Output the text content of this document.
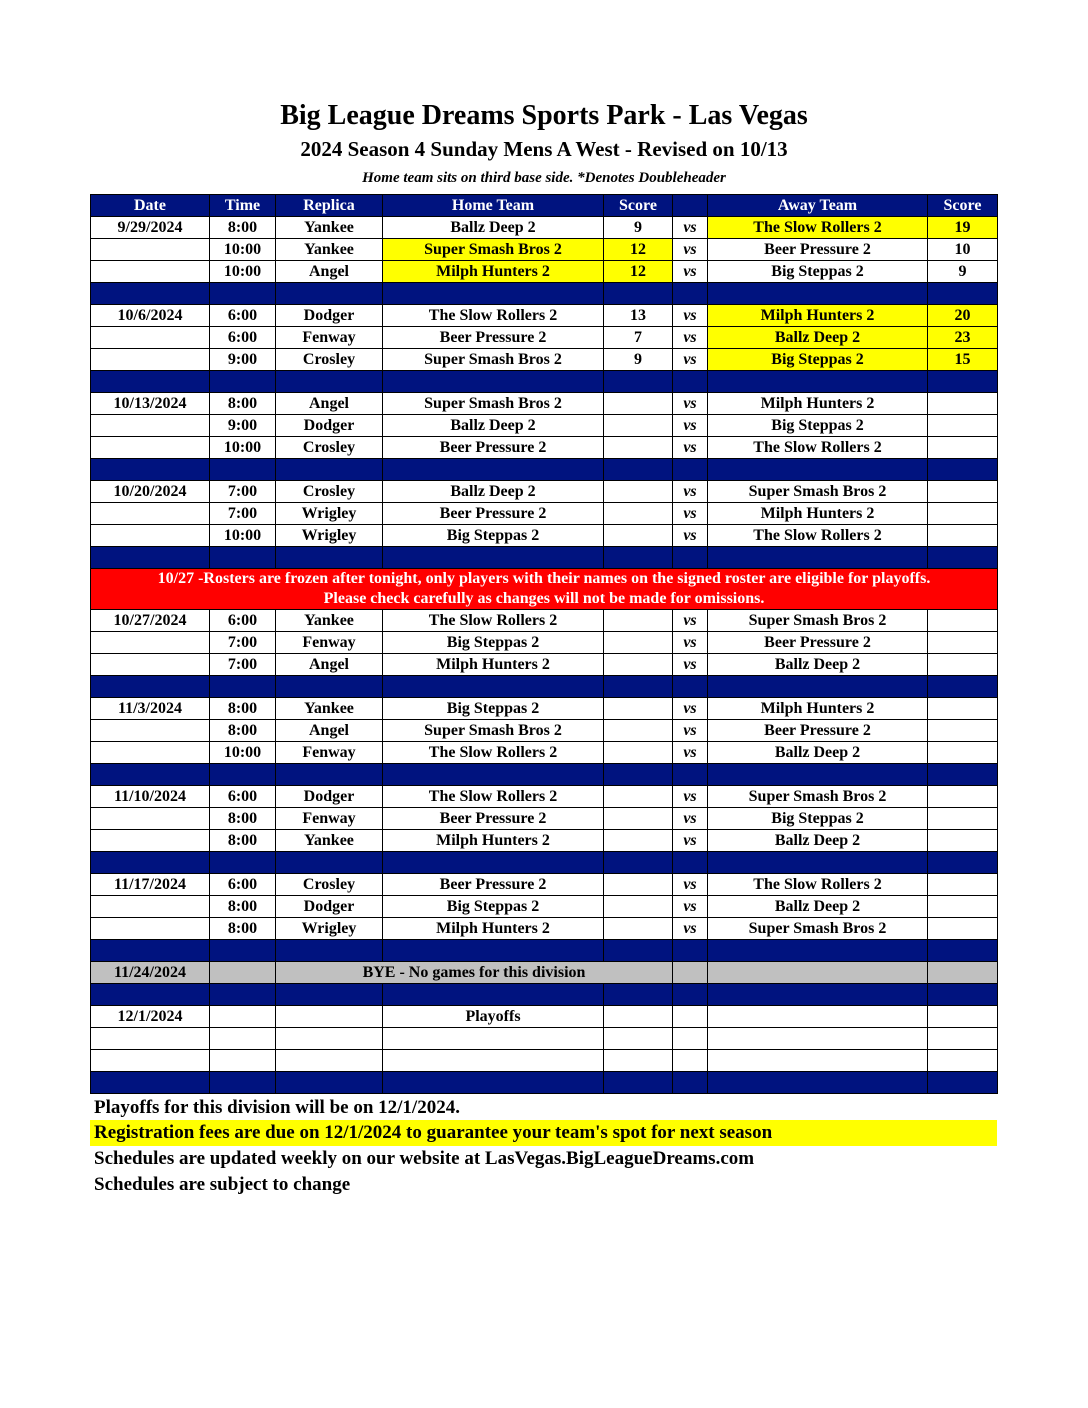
Big League Dreams Sports Park - Las Vegas
2024 Season 4 Sunday Mens A West - Revised on 10/13
Home team sits on third base side. *Denotes Doubleheader
Date	Time	Replica	Home Team	Score		Away Team	Score
9/29/2024	8:00	Yankee	Ballz Deep 2	9	vs	The Slow Rollers 2	19
	10:00	Yankee	Super Smash Bros 2	12	vs	Beer Pressure 2	10
	10:00	Angel	Milph Hunters 2	12	vs	Big Steppas 2	9

10/6/2024	6:00	Dodger	The Slow Rollers 2	13	vs	Milph Hunters 2	20
	6:00	Fenway	Beer Pressure 2	7	vs	Ballz Deep 2	23
	9:00	Crosley	Super Smash Bros 2	9	vs	Big Steppas 2	15

10/13/2024	8:00	Angel	Super Smash Bros 2		vs	Milph Hunters 2	
	9:00	Dodger	Ballz Deep 2		vs	Big Steppas 2	
	10:00	Crosley	Beer Pressure 2		vs	The Slow Rollers 2	

10/20/2024	7:00	Crosley	Ballz Deep 2		vs	Super Smash Bros 2	
	7:00	Wrigley	Beer Pressure 2		vs	Milph Hunters 2	
	10:00	Wrigley	Big Steppas 2		vs	The Slow Rollers 2	

10/27 -Rosters are frozen after tonight, only players with their names on the signed roster are eligible for playoffs.
Please check carefully as changes will not be made for omissions.							

10/27/2024	6:00	Yankee	The Slow Rollers 2		vs	Super Smash Bros 2	
	7:00	Fenway	Big Steppas 2		vs	Beer Pressure 2	
	7:00	Angel	Milph Hunters 2		vs	Ballz Deep 2	

11/3/2024	8:00	Yankee	Big Steppas 2		vs	Milph Hunters 2	
	8:00	Angel	Super Smash Bros 2		vs	Beer Pressure 2	
	10:00	Fenway	The Slow Rollers 2		vs	Ballz Deep 2	

11/10/2024	6:00	Dodger	The Slow Rollers 2		vs	Super Smash Bros 2	
	8:00	Fenway	Beer Pressure 2		vs	Big Steppas 2	
	8:00	Yankee	Milph Hunters 2		vs	Ballz Deep 2	

11/17/2024	6:00	Crosley	Beer Pressure 2		vs	The Slow Rollers 2	
	8:00	Dodger	Big Steppas 2		vs	Ballz Deep 2	
	8:00	Wrigley	Milph Hunters 2		vs	Super Smash Bros 2	

11/24/2024		BYE - No games for this division					

12/1/2024			Playoffs				

Playoffs for this division will be on 12/1/2024.
Registration fees are due on 12/1/2024 to guarantee your team's spot for next season
Schedules are updated weekly on our website at LasVegas.BigLeagueDreams.com
Schedules are subject to change
